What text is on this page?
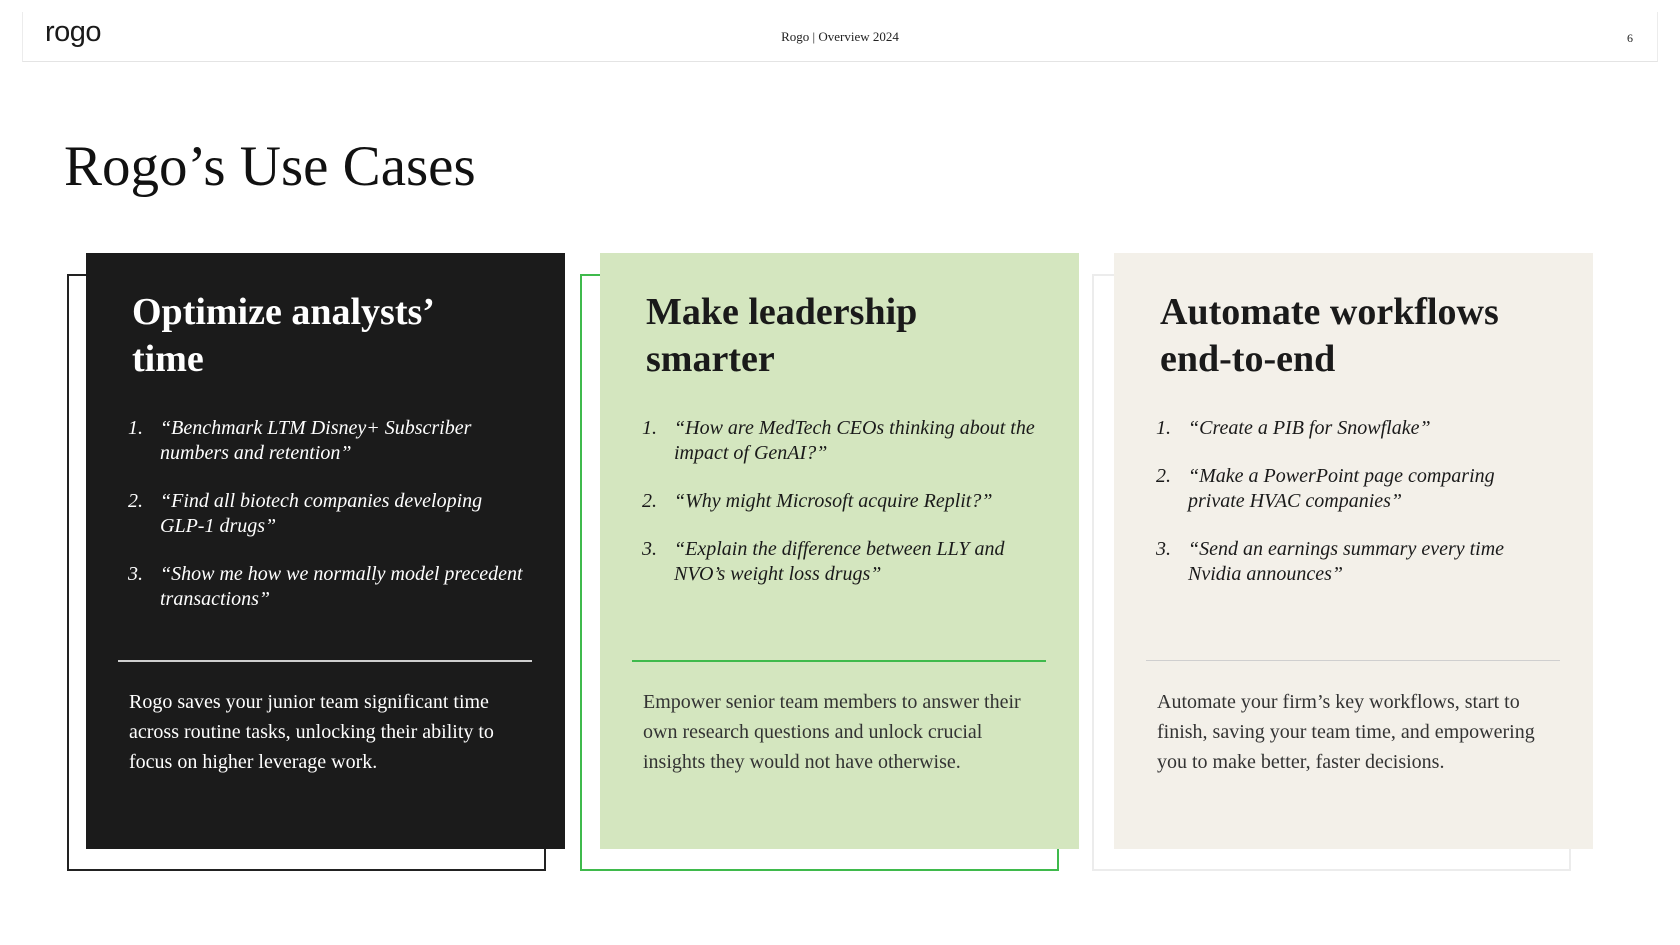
rogo	Rogo | Overview 2024	6
Rogo’s Use Cases
Optimize analysts’
time
1. “Benchmark LTM Disney+ Subscriber numbers and retention”
2. “Find all biotech companies developing GLP-1 drugs”
3. “Show me how we normally model precedent transactions”

Rogo saves your junior team significant time across routine tasks, unlocking their ability to focus on higher leverage work.

Make leadership
smarter
1. “How are MedTech CEOs thinking about the impact of GenAI?”
2. “Why might Microsoft acquire Replit?”
3. “Explain the difference between LLY and NVO’s weight loss drugs”

Empower senior team members to answer their own research questions and unlock crucial insights they would not have otherwise.

Automate workflows
end-to-end
1. “Create a PIB for Snowflake”
2. “Make a PowerPoint page comparing private HVAC companies”
3. “Send an earnings summary every time Nvidia announces”

Automate your firm’s key workflows, start to finish, saving your team time, and empowering you to make better, faster decisions.
